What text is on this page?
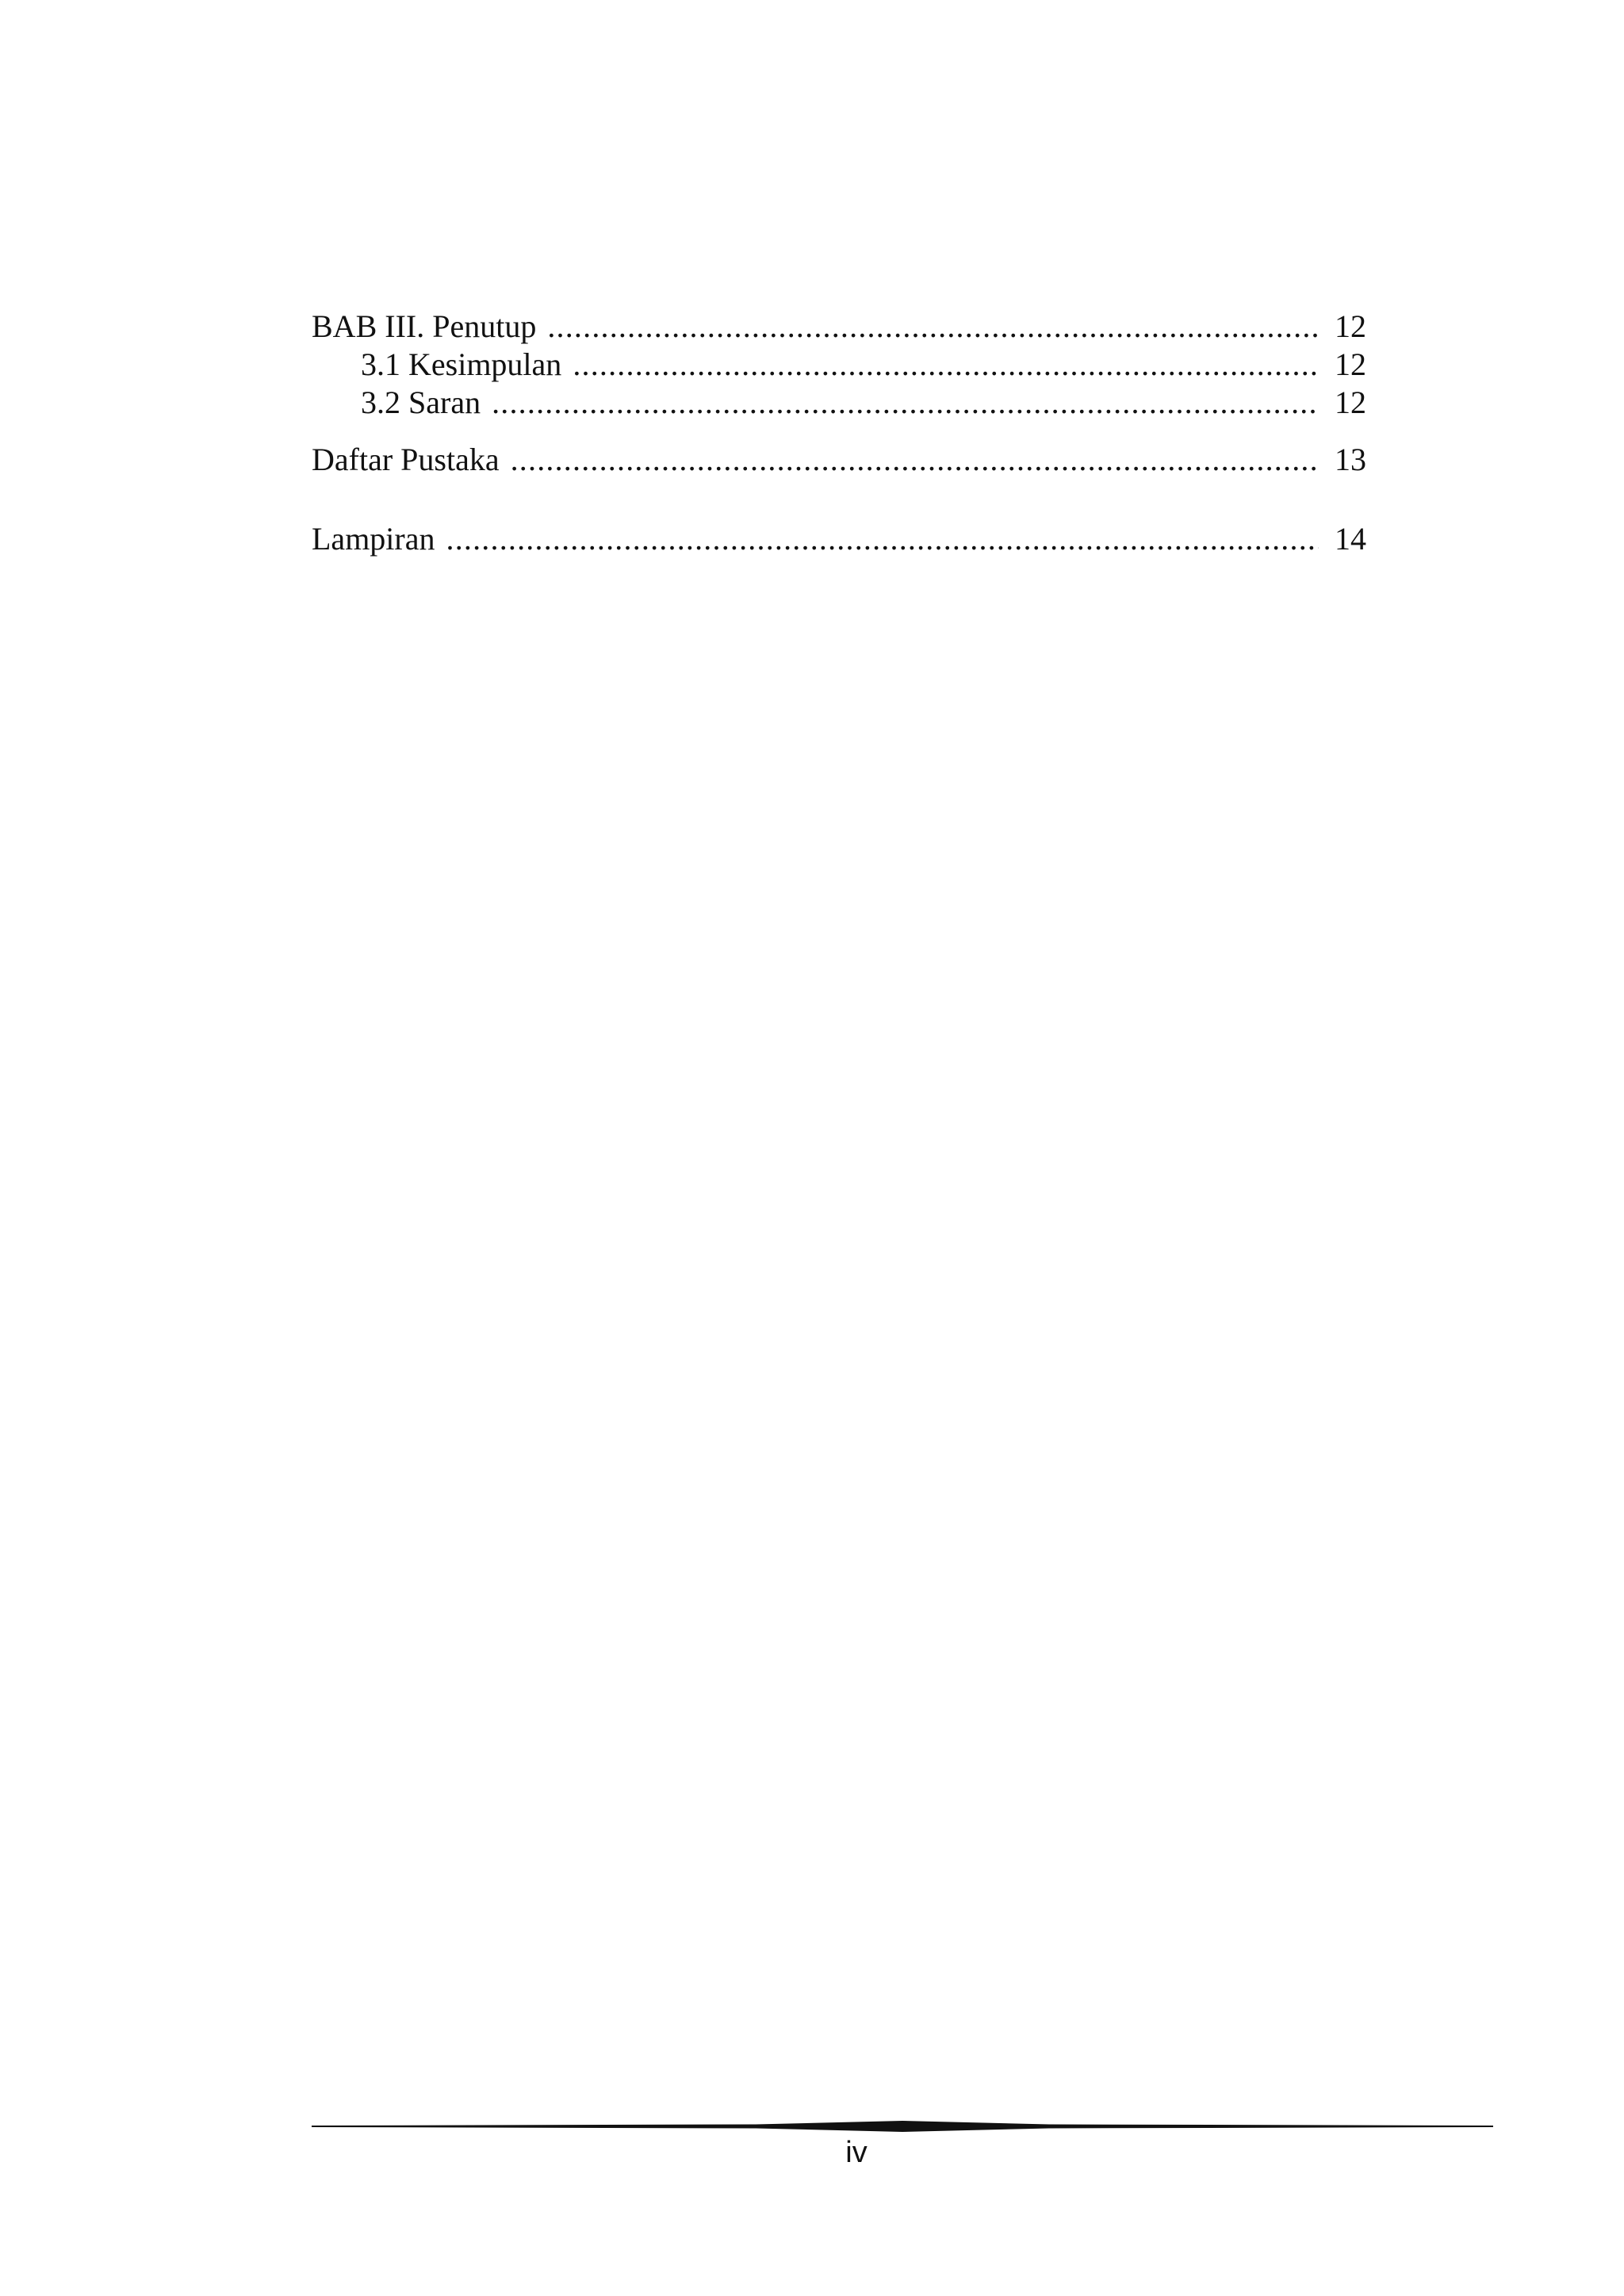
BAB III. Penutup .....	12
3.1 Kesimpulan .....	12
3.2 Saran .....	12
Daftar Pustaka .....	13
Lampiran .....	14
iv
